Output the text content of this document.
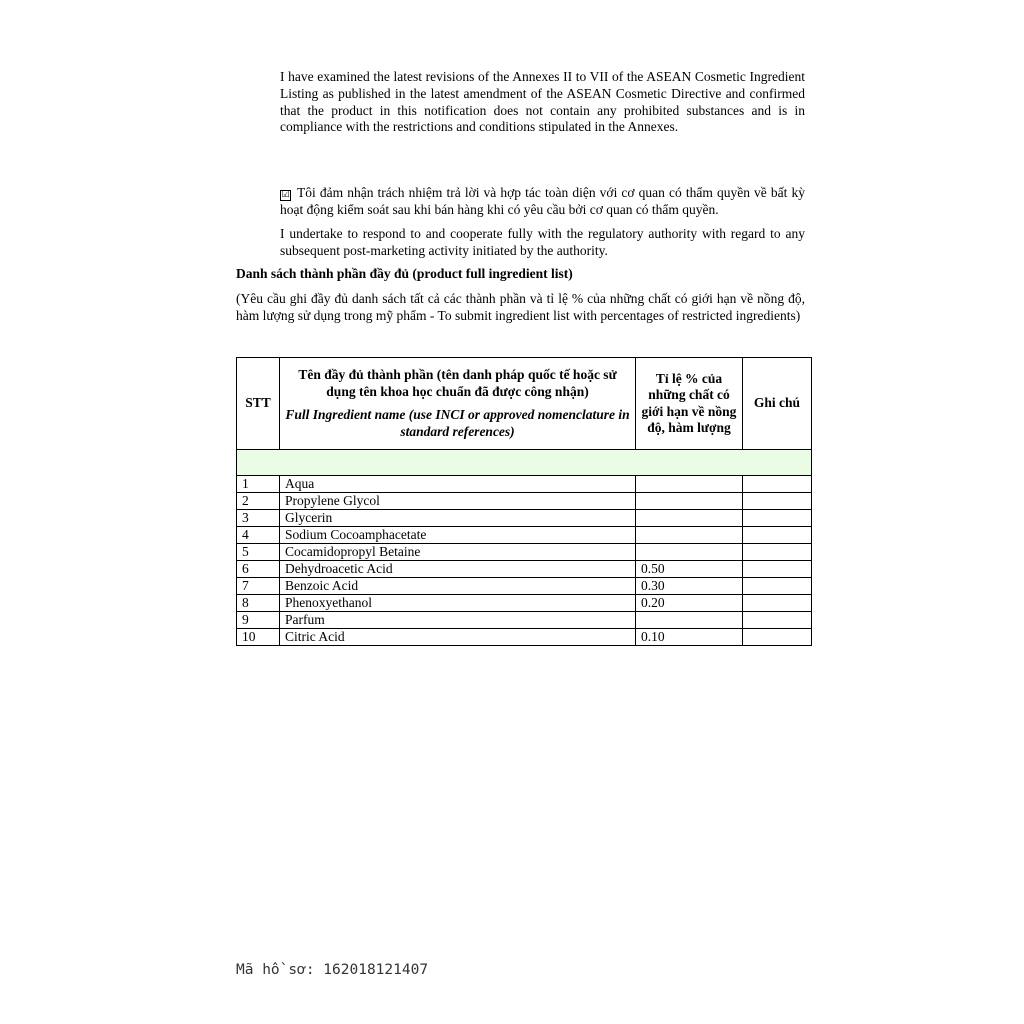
I have examined the latest revisions of the Annexes II to VII of the ASEAN Cosmetic Ingredient Listing as published in the latest amendment of the ASEAN Cosmetic Directive and confirmed that the product in this notification does not contain any prohibited substances and is in compliance with the restrictions and conditions stipulated in the Annexes.

☑ Tôi đảm nhận trách nhiệm trả lời và hợp tác toàn diện với cơ quan có thẩm quyền về bất kỳ hoạt động kiểm soát sau khi bán hàng khi có yêu cầu bởi cơ quan có thẩm quyền.

I undertake to respond to and cooperate fully with the regulatory authority with regard to any subsequent post-marketing activity initiated by the authority.

Danh sách thành phần đầy đủ (product full ingredient list)

(Yêu cầu ghi đầy đủ danh sách tất cả các thành phần và tỉ lệ % của những chất có giới hạn về nồng độ, hàm lượng sử dụng trong mỹ phẩm - To submit ingredient list with percentages of restricted ingredients)

STT	Tên đầy đủ thành phần (tên danh pháp quốc tế hoặc sử dụng tên khoa học chuẩn đã được công nhận)
Full Ingredient name (use INCI or approved nomenclature in standard references)	Tỉ lệ % của những chất có giới hạn về nồng độ, hàm lượng	Ghi chú

1	Aqua		
2	Propylene Glycol		
3	Glycerin		
4	Sodium Cocoamphacetate		
5	Cocamidopropyl Betaine		
6	Dehydroacetic Acid	0.50	
7	Benzoic Acid	0.30	
8	Phenoxyethanol	0.20	
9	Parfum		
10	Citric Acid	0.10	
Mã hồ sơ: 162018121407
